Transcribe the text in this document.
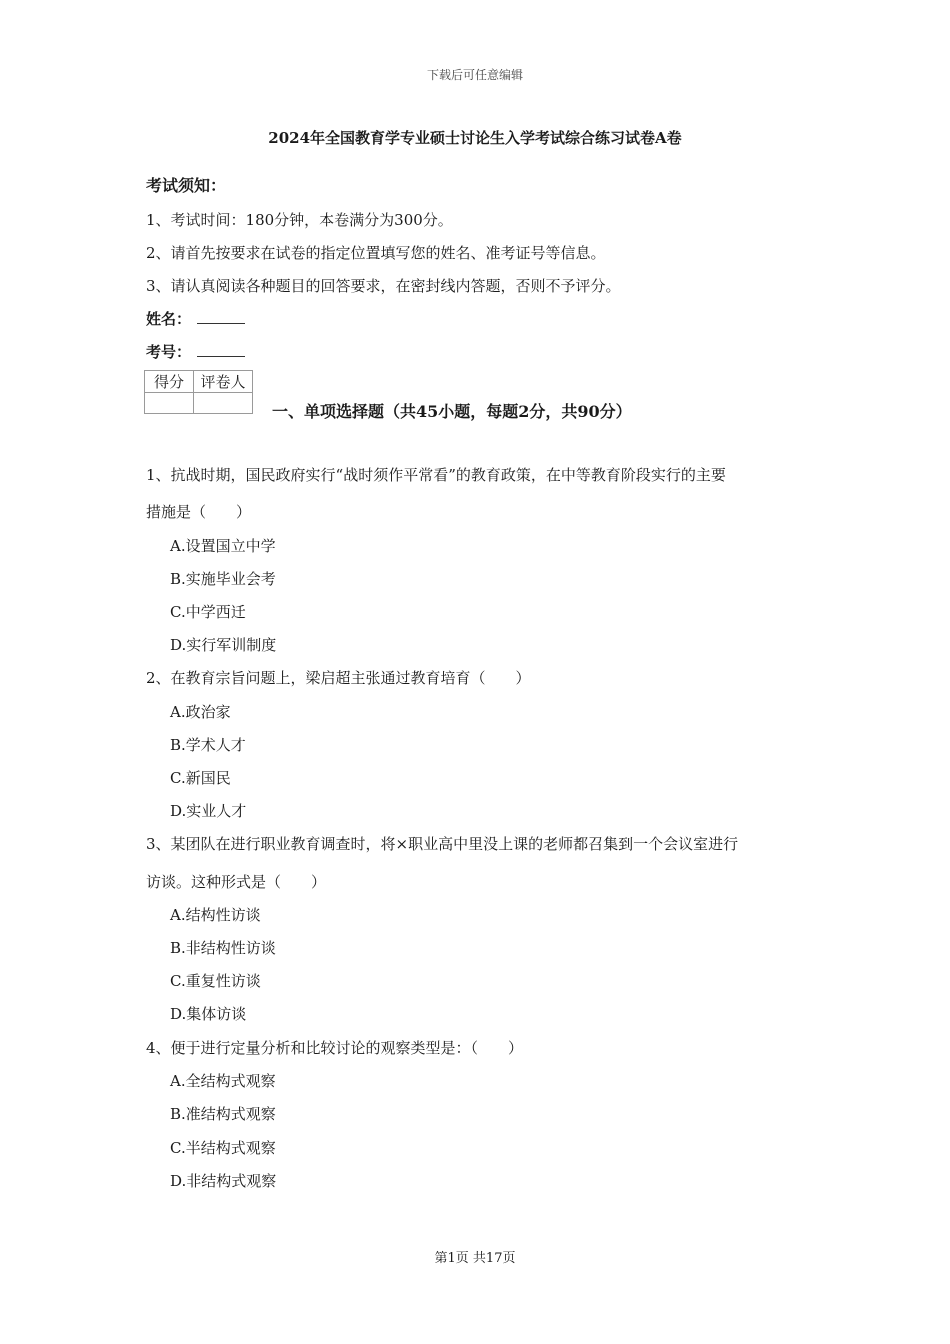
下载后可任意编辑
2024年全国教育学专业硕士讨论生入学考试综合练习试卷A卷
考试须知：
1、考试时间：180分钟，本卷满分为300分。
2、请首先按要求在试卷的指定位置填写您的姓名、准考证号等信息。
3、请认真阅读各种题目的回答要求，在密封线内答题，否则不予评分。
姓名：
考号：
得分	评卷人

一、单项选择题（共45小题，每题2分，共90分）
1、抗战时期，国民政府实行“战时须作平常看”的教育政策，在中等教育阶段实行的主要
措施是（　　）
A.设置国立中学
B.实施毕业会考
C.中学西迁
D.实行军训制度
2、在教育宗旨问题上，梁启超主张通过教育培育（　　）
A.政治家
B.学术人才
C.新国民
D.实业人才
3、某团队在进行职业教育调查时，将×职业高中里没上课的老师都召集到一个会议室进行
访谈。这种形式是（　　）
A.结构性访谈
B.非结构性访谈
C.重复性访谈
D.集体访谈
4、便于进行定量分析和比较讨论的观察类型是：（　　）
A.全结构式观察
B.准结构式观察
C.半结构式观察
D.非结构式观察
第1页 共17页
